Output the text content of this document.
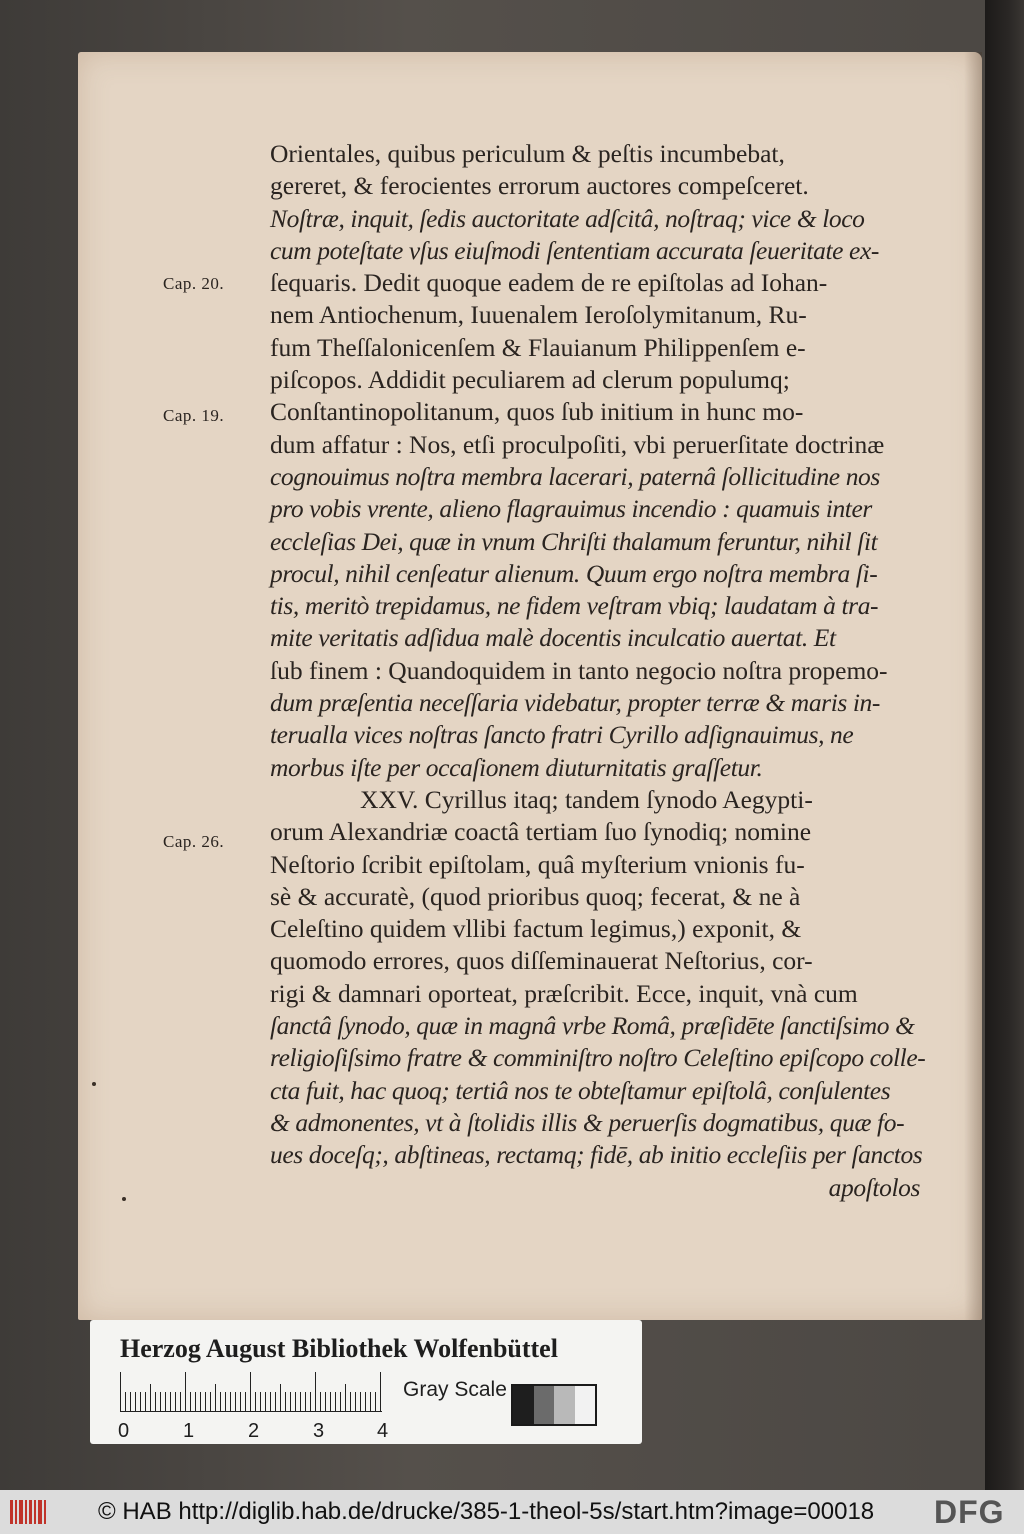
Cap. 20.
Cap. 19.
Cap. 26.
Orientales, quibus periculum & peſtis incumbebat,
gereret, & ferocientes errorum auctores compeſceret.
Noſtræ, inquit, ſedis auctoritate adſcitâ, noſtraq; vice & loco
cum poteſtate vſus eiuſmodi ſententiam accurata ſeueritate ex-
ſequaris. Dedit quoque eadem de re epiſtolas ad Iohan-
nem Antiochenum, Iuuenalem Ieroſolymitanum, Ru-
fum Theſſalonicenſem & Flauianum Philippenſem e-
piſcopos. Addidit peculiarem ad clerum populumq;
Conſtantinopolitanum, quos ſub initium in hunc mo-
dum affatur : Nos, etſi proculpoſiti, vbi peruerſitate doctrinæ
cognouimus noſtra membra lacerari, paternâ ſollicitudine nos
pro vobis vrente, alieno flagrauimus incendio : quamuis inter
eccleſias Dei, quæ in vnum Chriſti thalamum feruntur, nihil ſit
procul, nihil cenſeatur alienum. Quum ergo noſtra membra ſi-
tis, meritò trepidamus, ne fidem veſtram vbiq; laudatam à tra-
mite veritatis adſidua malè docentis inculcatio auertat. Et
ſub finem : Quandoquidem in tanto negocio noſtra propemo-
dum præſentia neceſſaria videbatur, propter terræ & maris in-
terualla vices noſtras ſancto fratri Cyrillo adſignauimus, ne
morbus iſte per occaſionem diuturnitatis graſſetur.
XXV. Cyrillus itaq; tandem ſynodo Aegypti-
orum Alexandriæ coactâ tertiam ſuo ſynodiq; nomine
Neſtorio ſcribit epiſtolam, quâ myſterium vnionis fu-
sè & accuratè, (quod prioribus quoq; fecerat, & ne à
Celeſtino quidem vllibi factum legimus,) exponit, &
quomodo errores, quos diſſeminauerat Neſtorius, cor-
rigi & damnari oporteat, præſcribit. Ecce, inquit, vnà cum
ſanctâ ſynodo, quæ in magnâ vrbe Româ, præſidēte ſanctiſsimo &
religioſiſsimo fratre & comminiſtro noſtro Celeſtino epiſcopo colle-
cta fuit, hac quoq; tertiâ nos te obteſtamur epiſtolâ, conſulentes
& admonentes, vt à ſtolidis illis & peruerſis dogmatibus, quæ fo-
ues doceſq;, abſtineas, rectamq; fidē, ab initio eccleſiis per ſanctos
apoſtolos
Herzog August Bibliothek Wolfenbüttel
0	1	2	3	4
Gray Scale
© HAB http://diglib.hab.de/drucke/385-1-theol-5s/start.htm?image=00018 DFG
